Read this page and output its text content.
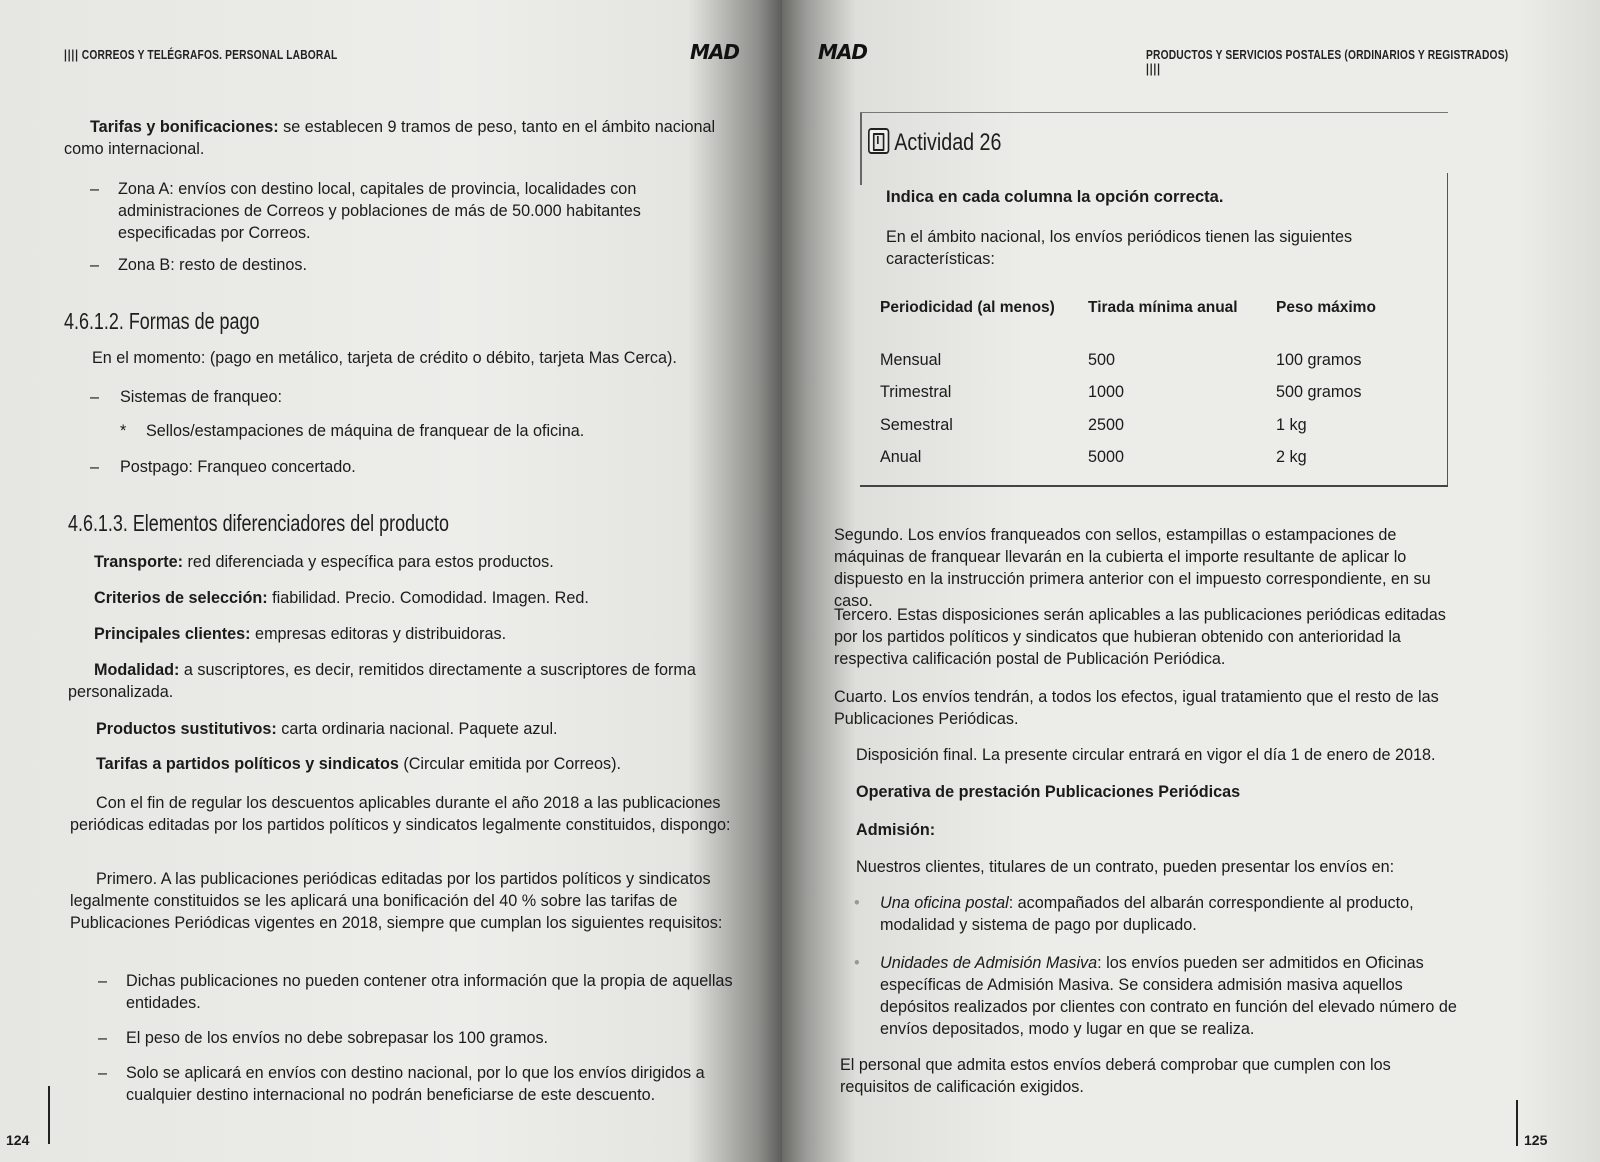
|||| CORREOS Y TELÉGRAFOS. PERSONAL LABORAL	MAD

Tarifas y bonificaciones: se establecen 9 tramos de peso, tanto en el ámbito nacional como internacional.

– Zona A: envíos con destino local, capitales de provincia, localidades con administraciones de Correos y poblaciones de más de 50.000 habitantes especificadas por Correos.
– Zona B: resto de destinos.
4.6.1.2. Formas de pago
En el momento: (pago en metálico, tarjeta de crédito o débito, tarjeta Mas Cerca).
– Sistemas de franqueo:
* Sellos/estampaciones de máquina de franquear de la oficina.
– Postpago: Franqueo concertado.
4.6.1.3. Elementos diferenciadores del producto
Transporte: red diferenciada y específica para estos productos.
Criterios de selección: fiabilidad. Precio. Comodidad. Imagen. Red.
Principales clientes: empresas editoras y distribuidoras.

Modalidad: a suscriptores, es decir, remitidos directamente a suscriptores de forma personalizada.

Productos sustitutivos: carta ordinaria nacional. Paquete azul.
Tarifas a partidos políticos y sindicatos (Circular emitida por Correos).

Con el fin de regular los descuentos aplicables durante el año 2018 a las publicaciones periódicas editadas por los partidos políticos y sindicatos legalmente constituidos, dispongo:

Primero. A las publicaciones periódicas editadas por los partidos políticos y sindicatos legalmente constituidos se les aplicará una bonificación del 40 % sobre las tarifas de Publicaciones Periódicas vigentes en 2018, siempre que cumplan los siguientes requisitos:

– Dichas publicaciones no pueden contener otra información que la propia de aquellas entidades.
– El peso de los envíos no debe sobrepasar los 100 gramos.
– Solo se aplicará en envíos con destino nacional, por lo que los envíos dirigidos a cualquier destino internacional no podrán beneficiarse de este descuento.
124
MAD	PRODUCTOS Y SERVICIOS POSTALES (ORDINARIOS Y REGISTRADOS) ||||
125
Actividad 26
Indica en cada columna la opción correcta.
En el ámbito nacional, los envíos periódicos tienen las siguientes características:
Periodicidad (al menos)	Tirada mínima anual	Peso máximo
Mensual	500	100 gramos
Trimestral	1000	500 gramos
Semestral	2500	1 kg
Anual	5000	2 kg
Segundo. Los envíos franqueados con sellos, estampillas o estampaciones de máquinas de franquear llevarán en la cubierta el importe resultante de aplicar lo dispuesto en la instrucción primera anterior con el impuesto correspondiente, en su caso.
Tercero. Estas disposiciones serán aplicables a las publicaciones periódicas editadas por los partidos políticos y sindicatos que hubieran obtenido con anterioridad la respectiva calificación postal de Publicación Periódica.
Cuarto. Los envíos tendrán, a todos los efectos, igual tratamiento que el resto de las Publicaciones Periódicas.
Disposición final. La presente circular entrará en vigor el día 1 de enero de 2018.
Operativa de prestación Publicaciones Periódicas
Admisión:
Nuestros clientes, titulares de un contrato, pueden presentar los envíos en:
• Una oficina postal: acompañados del albarán correspondiente al producto, modalidad y sistema de pago por duplicado.
• Unidades de Admisión Masiva: los envíos pueden ser admitidos en Oficinas específicas de Admisión Masiva. Se considera admisión masiva aquellos depósitos realizados por clientes con contrato en función del elevado número de envíos depositados, modo y lugar en que se realiza.
El personal que admita estos envíos deberá comprobar que cumplen con los requisitos de calificación exigidos.
